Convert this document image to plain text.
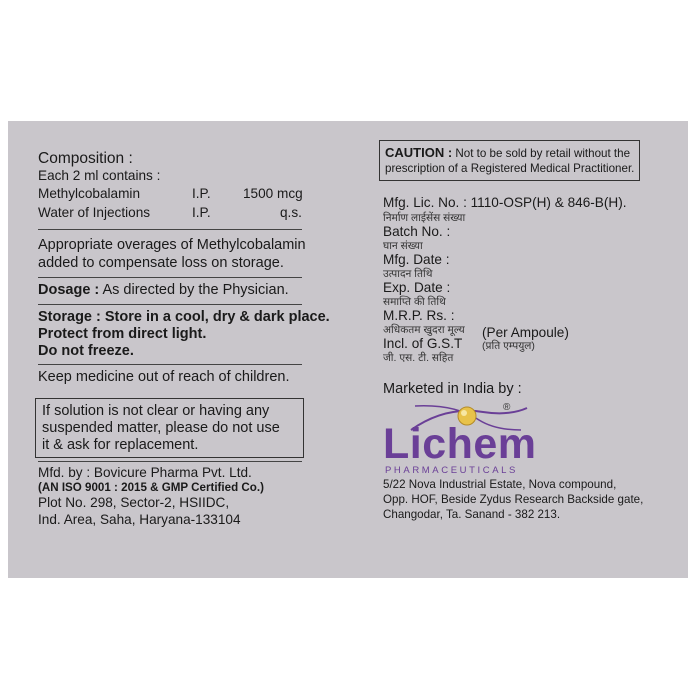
Composition :
Each 2 ml contains :
Methylcobalamin	I.P. 1500 mcg
Water of Injections	I.P.	q.s.
Appropriate overages of Methylcobalamin
added to compensate loss on storage.
Dosage : As directed by the Physician.
Storage : Store in a cool, dry & dark place.
Protect from direct light.
Do not freeze.
Keep medicine out of reach of children.
If solution is not clear or having any
suspended matter, please do not use
it & ask for replacement.
Mfd. by : Bovicure Pharma Pvt. Ltd.
(AN ISO 9001 : 2015 & GMP Certified Co.)
Plot No. 298, Sector-2, HSIIDC,
Ind. Area, Saha, Haryana-133104
CAUTION : Not to be sold by retail without the
prescription of a Registered Medical Practitioner.
Mfg. Lic. No. : 1110-OSP(H) & 846-B(H).
निर्माण लाईसेंस संख्या
Batch No. :
घान संख्या
Mfg. Date :
उत्पादन तिथि
Exp. Date :
समाप्ति की तिथि
M.R.P. Rs. :
अधिकतम खुदरा मूल्य (Per Ampoule)
Incl. of G.S.T (प्रति एम्पयुल)
जी. एस. टी. सहित
Marketed in India by :
Lichem
PHARMACEUTICALS
®
5/22 Nova Industrial Estate, Nova compound,
Opp. HOF, Beside Zydus Research Backside gate,
Changodar, Ta. Sanand - 382 213.
